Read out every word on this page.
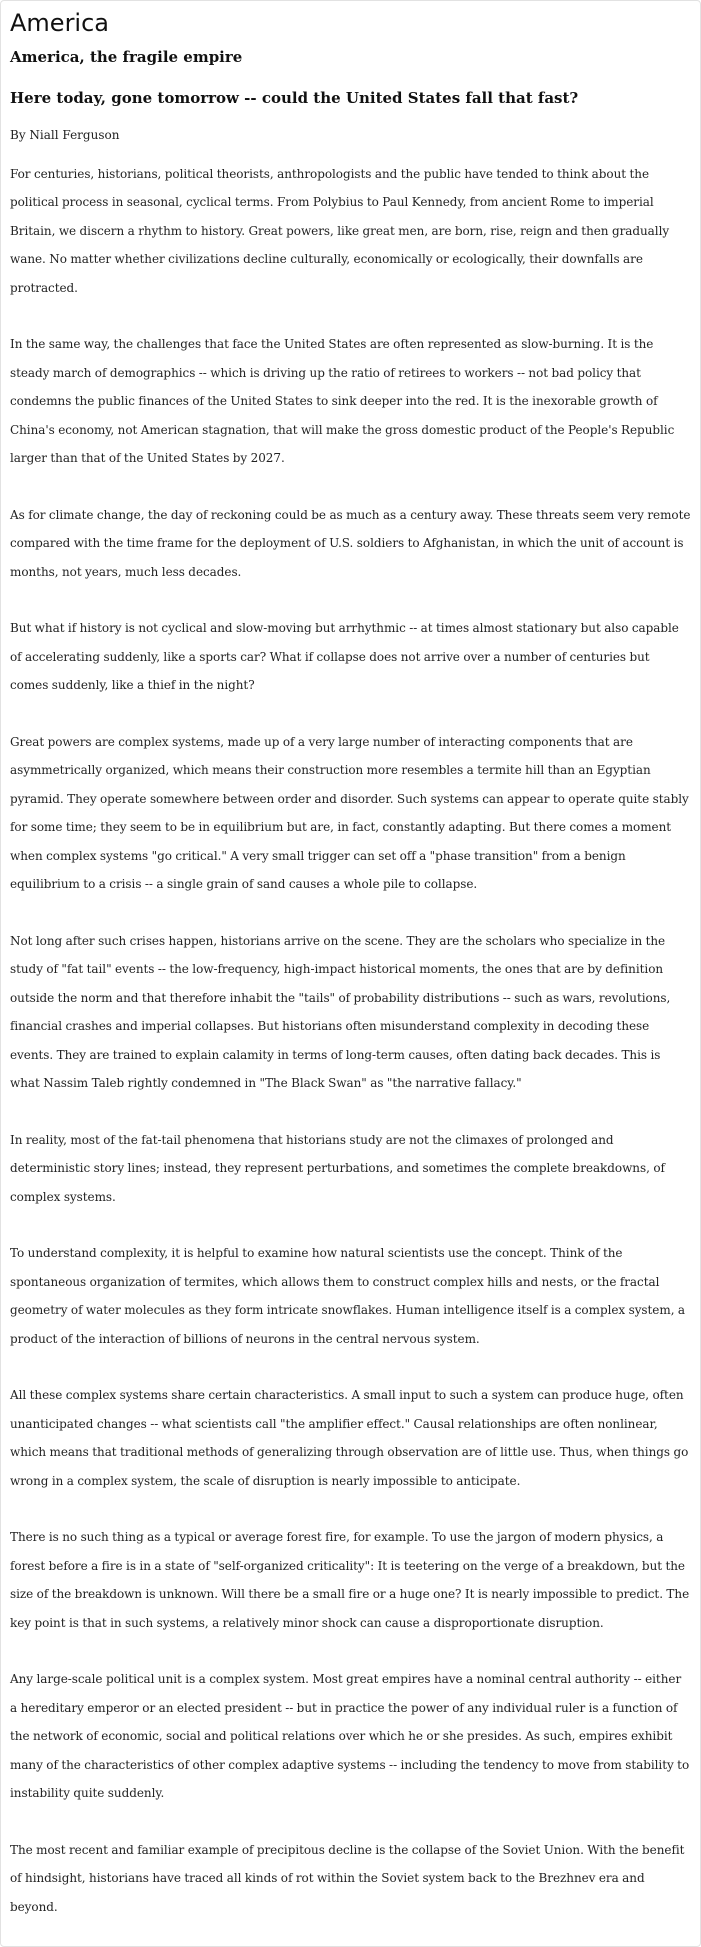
America
America, the fragile empire
Here today, gone tomorrow -- could the United States fall that fast?
By Niall Ferguson

For centuries, historians, political theorists, anthropologists and the public have tended to think about the political process in seasonal, cyclical terms. From Polybius to Paul Kennedy, from ancient Rome to imperial Britain, we discern a rhythm to history. Great powers, like great men, are born, rise, reign and then gradually wane. No matter whether civilizations decline culturally, economically or ecologically, their downfalls are protracted.

In the same way, the challenges that face the United States are often represented as slow-burning. It is the steady march of demographics -- which is driving up the ratio of retirees to workers -- not bad policy that condemns the public finances of the United States to sink deeper into the red. It is the inexorable growth of China's economy, not American stagnation, that will make the gross domestic product of the People's Republic larger than that of the United States by 2027.

As for climate change, the day of reckoning could be as much as a century away. These threats seem very remote compared with the time frame for the deployment of U.S. soldiers to Afghanistan, in which the unit of account is months, not years, much less decades.

But what if history is not cyclical and slow-moving but arrhythmic -- at times almost stationary but also capable of accelerating suddenly, like a sports car? What if collapse does not arrive over a number of centuries but comes suddenly, like a thief in the night?

Great powers are complex systems, made up of a very large number of interacting components that are asymmetrically organized, which means their construction more resembles a termite hill than an Egyptian pyramid. They operate somewhere between order and disorder. Such systems can appear to operate quite stably for some time; they seem to be in equilibrium but are, in fact, constantly adapting. But there comes a moment when complex systems "go critical." A very small trigger can set off a "phase transition" from a benign equilibrium to a crisis -- a single grain of sand causes a whole pile to collapse.

Not long after such crises happen, historians arrive on the scene. They are the scholars who specialize in the study of "fat tail" events -- the low-frequency, high-impact historical moments, the ones that are by definition outside the norm and that therefore inhabit the "tails" of probability distributions -- such as wars, revolutions, financial crashes and imperial collapses. But historians often misunderstand complexity in decoding these events. They are trained to explain calamity in terms of long-term causes, often dating back decades. This is what Nassim Taleb rightly condemned in "The Black Swan" as "the narrative fallacy."

In reality, most of the fat-tail phenomena that historians study are not the climaxes of prolonged and deterministic story lines; instead, they represent perturbations, and sometimes the complete breakdowns, of complex systems.

To understand complexity, it is helpful to examine how natural scientists use the concept. Think of the spontaneous organization of termites, which allows them to construct complex hills and nests, or the fractal geometry of water molecules as they form intricate snowflakes. Human intelligence itself is a complex system, a product of the interaction of billions of neurons in the central nervous system.

All these complex systems share certain characteristics. A small input to such a system can produce huge, often unanticipated changes -- what scientists call "the amplifier effect." Causal relationships are often nonlinear, which means that traditional methods of generalizing through observation are of little use. Thus, when things go wrong in a complex system, the scale of disruption is nearly impossible to anticipate.

There is no such thing as a typical or average forest fire, for example. To use the jargon of modern physics, a forest before a fire is in a state of "self-organized criticality": It is teetering on the verge of a breakdown, but the size of the breakdown is unknown. Will there be a small fire or a huge one? It is nearly impossible to predict. The key point is that in such systems, a relatively minor shock can cause a disproportionate disruption.

Any large-scale political unit is a complex system. Most great empires have a nominal central authority -- either a hereditary emperor or an elected president -- but in practice the power of any individual ruler is a function of the network of economic, social and political relations over which he or she presides. As such, empires exhibit many of the characteristics of other complex adaptive systems -- including the tendency to move from stability to instability quite suddenly.

The most recent and familiar example of precipitous decline is the collapse of the Soviet Union. With the benefit of hindsight, historians have traced all kinds of rot within the Soviet system back to the Brezhnev era and beyond.
